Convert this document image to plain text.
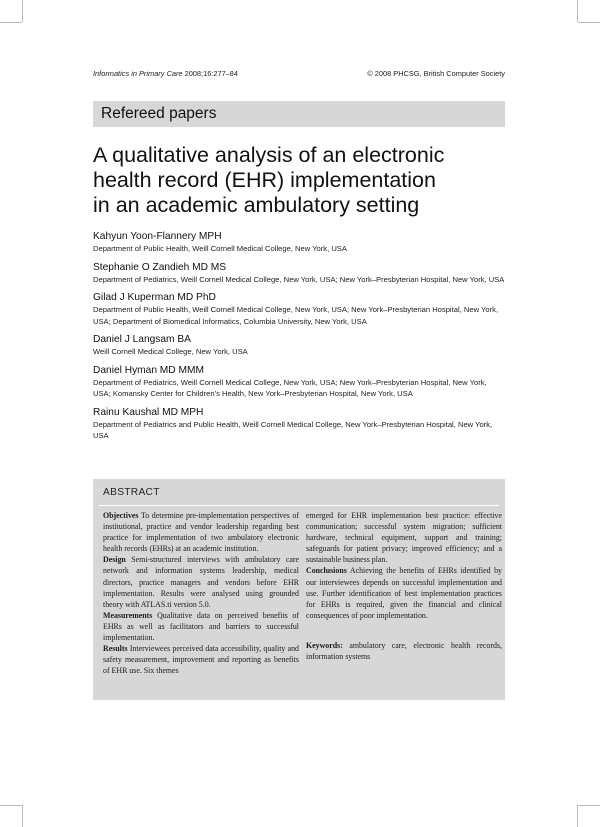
Informatics in Primary Care 2008;16:277–84	© 2008 PHCSG, British Computer Society
Refereed papers
A qualitative analysis of an electronic
health record (EHR) implementation
in an academic ambulatory setting
Kahyun Yoon-Flannery MPH
Department of Public Health, Weill Cornell Medical College, New York, USA
Stephanie O Zandieh MD MS
Department of Pediatrics, Weill Cornell Medical College, New York, USA; New York–Presbyterian Hospital, New York, USA
Gilad J Kuperman MD PhD
Department of Public Health, Weill Cornell Medical College, New York, USA; New York–Presbyterian Hospital, New York, USA; Department of Biomedical Informatics, Columbia University, New York, USA
Daniel J Langsam BA
Weill Cornell Medical College, New York, USA
Daniel Hyman MD MMM
Department of Pediatrics, Weill Cornell Medical College, New York, USA; New York–Presbyterian Hospital, New York, USA; Komansky Center for Children’s Health, New York–Presbyterian Hospital, New York, USA
Rainu Kaushal MD MPH
Department of Pediatrics and Public Health, Weill Cornell Medical College, New York–Presbyterian Hospital, New York, USA
ABSTRACT

Objectives To determine pre-implementation perspectives of institutional, practice and vendor leadership regarding best practice for implementation of two ambulatory electronic health records (EHRs) at an academic institution.

Design Semi-structured interviews with ambulatory care network and information systems leadership, medical directors, practice managers and vendors before EHR implementation. Results were analysed using grounded theory with ATLAS.ti version 5.0.

Measurements Qualitative data on perceived benefits of EHRs as well as facilitators and barriers to successful implementation.

Results Interviewees perceived data accessibility, quality and safety measurement, improvement and reporting as benefits of EHR use. Six themes

emerged for EHR implementation best practice: effective communication; successful system migration; sufficient hardware, technical equipment, support and training; safeguards for patient privacy; improved efficiency; and a sustainable business plan.

Conclusions Achieving the benefits of EHRs identified by our interviewees depends on successful implementation and use. Further identification of best implementation practices for EHRs is required, given the financial and clinical consequences of poor implementation.

Keywords: ambulatory care, electronic health records, information systems
